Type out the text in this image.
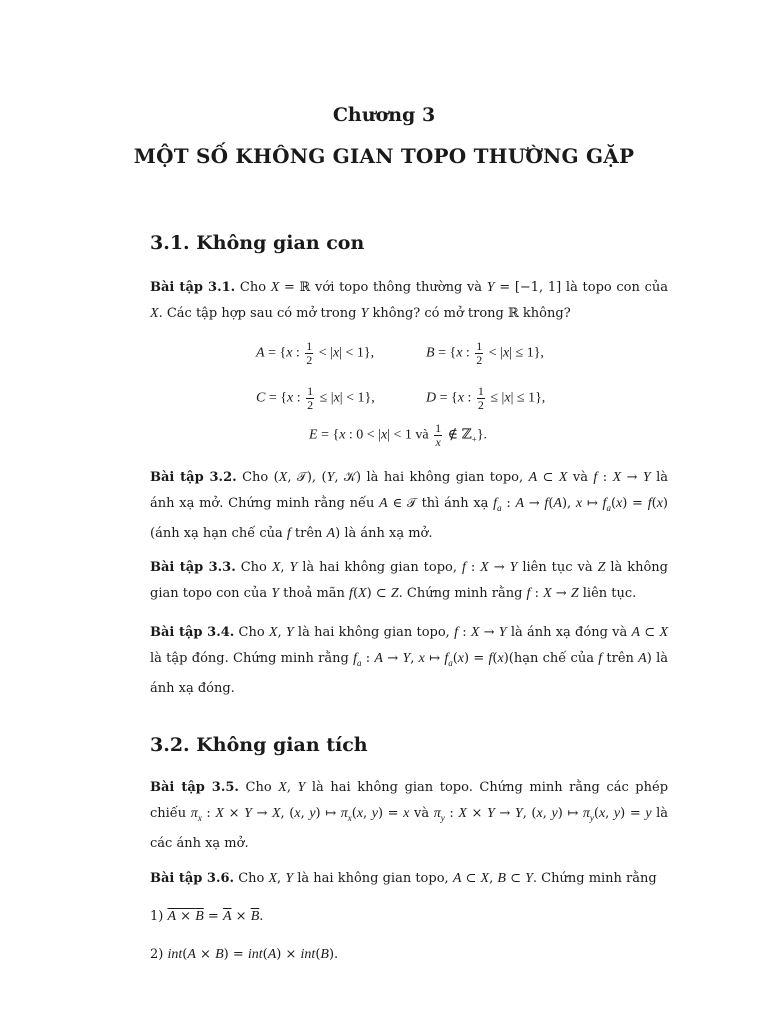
Chương 3
MỘT SỐ KHÔNG GIAN TOPO THƯỜNG GẶP
3.1. Không gian con
Bài tập 3.1. Cho X = ℝ với topo thông thường và Y = [−1, 1] là topo con của X. Các tập hợp sau có mở trong Y không? có mở trong ℝ không?
A = {x : $\frac{1}{2} < |x| < 1$},	B = {x : $\frac{1}{2} < |x| \le 1$},
C = {x : $\frac{1}{2} \le |x| < 1$},	D = {x : $\frac{1}{2} \le |x| \le 1$},
E = {x : 0 < |x| < 1 và $\frac{1}{x}$ ∉ ℤ$_+$}.
Bài tập 3.2. Cho (X, 𝒯), (Y, 𝒦) là hai không gian topo, A ⊂ X và f : X → Y là ánh xạ mở. Chứng minh rằng nếu A ∈ 𝒯 thì ánh xạ $f_a$ : A → f(A), x ↦ $f_a(x) = f(x)$ (ánh xạ hạn chế của f trên A) là ánh xạ mở.
Bài tập 3.3. Cho X, Y là hai không gian topo, f : X → Y liên tục và Z là không gian topo con của Y thoả mãn f(X) ⊂ Z. Chứng minh rằng f : X → Z liên tục.
Bài tập 3.4. Cho X, Y là hai không gian topo, f : X → Y là ánh xạ đóng và A ⊂ X là tập đóng. Chứng minh rằng $f_a$ : A → Y, x ↦ $f_a(x)$ = f(x)(hạn chế của f trên A) là ánh xạ đóng.
3.2. Không gian tích
Bài tập 3.5. Cho X, Y là hai không gian topo. Chứng minh rằng các phép chiếu $\pi_x$ : X × Y → X, (x, y) ↦ $\pi_x(x$, y) = x và $\pi_y$ : X × Y → Y, (x, y) ↦ $\pi_y(x$, y) = y là các ánh xạ mở.
Bài tập 3.6. Cho X, Y là hai không gian topo, A ⊂ X, B ⊂ Y. Chứng minh rằng
1) $A \times B = \overline{A} \times \overline{B}$.
2) int(A × B) = int(A) × int(B).
